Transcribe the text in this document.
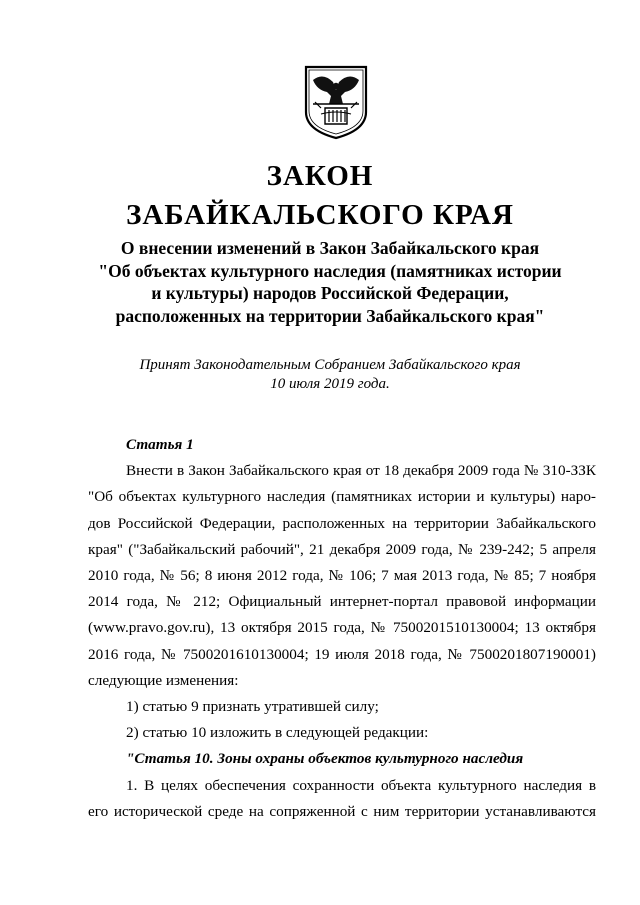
ЗАКОН
ЗАБАЙКАЛЬСКОГО КРАЯ
О внесении изменений в Закон Забайкальского края
"Об объектах культурного наследия (памятниках истории
и культуры) народов Российской Федерации,
расположенных на территории Забайкальского края"
Принят Законодательным Собранием Забайкальского края
10 июля 2019 года.

Статья 1

Внести в Закон Забайкальского края от 18 декабря 2009 года № 310-ЗЗК

"Об объектах культурного наследия (памятниках истории и культуры) наро-

дов Российской Федерации, расположенных на территории Забайкальского

края" ("Забайкальский рабочий", 21 декабря 2009 года, № 239-242; 5 апреля

2010 года, № 56; 8 июня 2012 года, № 106; 7 мая 2013 года, № 85; 7 ноября

2014 года, № 212; Официальный интернет-портал правовой информации

(www.pravo.gov.ru), 13 октября 2015 года, № 7500201510130004; 13 октября

2016 года, № 7500201610130004; 19 июля 2018 года, № 7500201807190001)

следующие изменения:

1) статью 9 признать утратившей силу;

2) статью 10 изложить в следующей редакции:

"Статья 10. Зоны охраны объектов культурного наследия

1. В целях обеспечения сохранности объекта культурного наследия в

его исторической среде на сопряженной с ним территории устанавливаются
